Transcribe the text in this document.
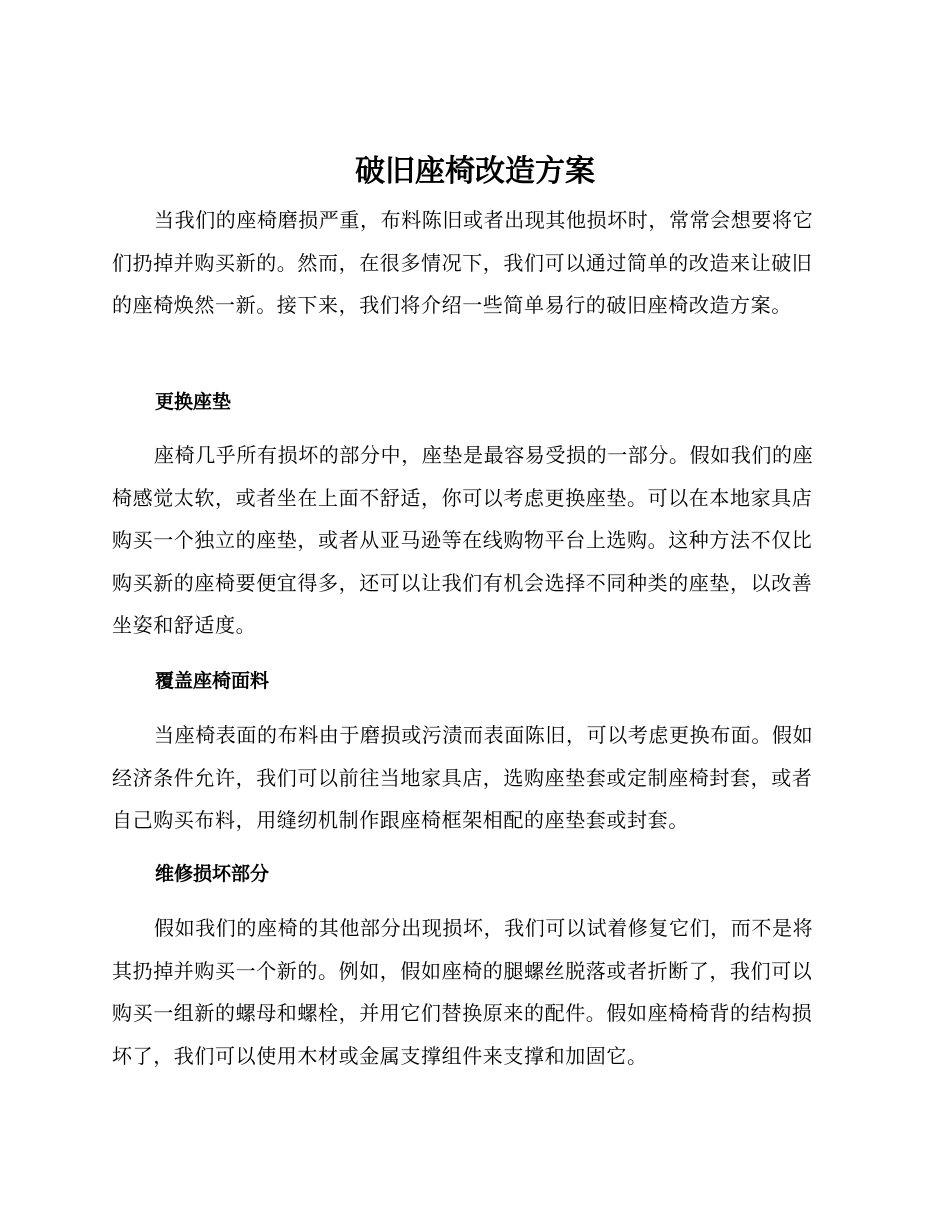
破旧座椅改造方案

当我们的座椅磨损严重，布料陈旧或者出现其他损坏时，常常会想要将它们扔掉并购买新的。然而，在很多情况下，我们可以通过简单的改造来让破旧的座椅焕然一新。接下来，我们将介绍一些简单易行的破旧座椅改造方案。

更换座垫

座椅几乎所有损坏的部分中，座垫是最容易受损的一部分。假如我们的座椅感觉太软，或者坐在上面不舒适，你可以考虑更换座垫。可以在本地家具店购买一个独立的座垫，或者从亚马逊等在线购物平台上选购。这种方法不仅比购买新的座椅要便宜得多，还可以让我们有机会选择不同种类的座垫，以改善坐姿和舒适度。

覆盖座椅面料

当座椅表面的布料由于磨损或污渍而表面陈旧，可以考虑更换布面。假如经济条件允许，我们可以前往当地家具店，选购座垫套或定制座椅封套，或者自己购买布料，用缝纫机制作跟座椅框架相配的座垫套或封套。

维修损坏部分

假如我们的座椅的其他部分出现损坏，我们可以试着修复它们，而不是将其扔掉并购买一个新的。例如，假如座椅的腿螺丝脱落或者折断了，我们可以购买一组新的螺母和螺栓，并用它们替换原来的配件。假如座椅椅背的结构损坏了，我们可以使用木材或金属支撑组件来支撑和加固它。
